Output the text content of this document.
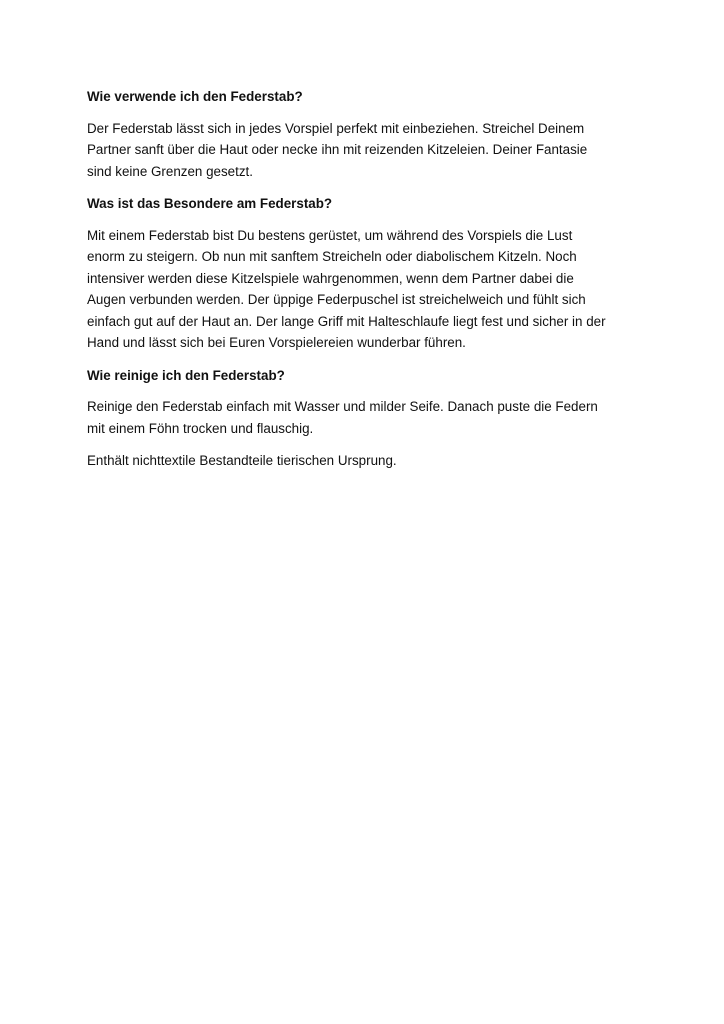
Wie verwende ich den Federstab?
Der Federstab lässt sich in jedes Vorspiel perfekt mit einbeziehen. Streichel Deinem
Partner sanft über die Haut oder necke ihn mit reizenden Kitzeleien. Deiner Fantasie
sind keine Grenzen gesetzt.
Was ist das Besondere am Federstab?
Mit einem Federstab bist Du bestens gerüstet, um während des Vorspiels die Lust
enorm zu steigern. Ob nun mit sanftem Streicheln oder diabolischem Kitzeln. Noch
intensiver werden diese Kitzelspiele wahrgenommen, wenn dem Partner dabei die
Augen verbunden werden. Der üppige Federpuschel ist streichelweich und fühlt sich
einfach gut auf der Haut an. Der lange Griff mit Halteschlaufe liegt fest und sicher in der
Hand und lässt sich bei Euren Vorspielereien wunderbar führen.
Wie reinige ich den Federstab?
Reinige den Federstab einfach mit Wasser und milder Seife. Danach puste die Federn
mit einem Föhn trocken und flauschig.
Enthält nichttextile Bestandteile tierischen Ursprung.
